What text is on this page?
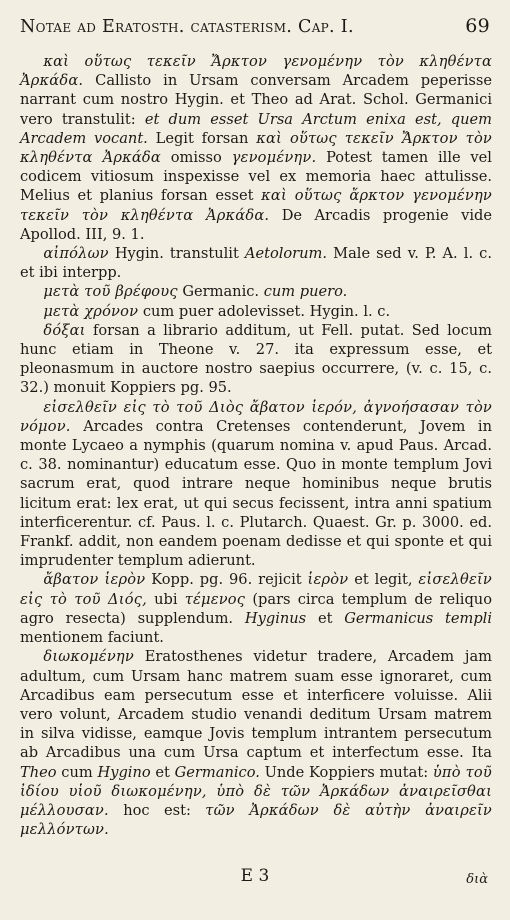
Notae ad Eratosth. catasterism. Cap. I.	69

καὶ οὕτως τεκεῖν Ἄρκτον γενομένην τὸν κληθέντα Ἀρκάδα. Callisto in Ursam conversam Arcadem peperisse narrant cum nostro Hygin. et Theo ad Arat. Schol. Germanici vero transtulit: et dum esset Ursa Arctum enixa est, quem Arcadem vocant. Legit forsan καὶ οὕτως τεκεῖν Ἄρκτον τὸν κληθέντα Ἀρκάδα omisso γενομένην. Potest tamen ille vel codicem vitiosum inspexisse vel ex memoria haec attulisse. Melius et planius forsan esset καὶ οὕτως ἄρκτον γενομένην τεκεῖν τὸν κληθέντα Ἀρκάδα. De Arcadis progenie vide Apollod. III, 9. 1.

αἰπόλων Hygin. transtulit Aetolorum. Male sed v. P. A. l. c. et ibi interpp.

μετὰ τοῦ βρέφους Germanic. cum puero.

μετὰ χρόνον cum puer adolevisset. Hygin. l. c.

δόξαι forsan a librario additum, ut Fell. putat. Sed locum hunc etiam in Theone v. 27. ita expressum esse, et pleonasmum in auctore nostro saepius occurrere, (v. c. 15, c. 32.) monuit Koppiers pg. 95.

εἰσελθεῖν εἰς τὸ τοῦ Διὸς ἄβατον ἱερόν, ἀγνοήσασαν τὸν νόμον. Arcades contra Cretenses contenderunt, Jovem in monte Lycaeo a nymphis (quarum nomina v. apud Paus. Arcad. c. 38. nominantur) educatum esse. Quo in monte templum Jovi sacrum erat, quod intrare neque hominibus neque brutis licitum erat: lex erat, ut qui secus fecissent, intra anni spatium interficerentur. cf. Paus. l. c. Plutarch. Quaest. Gr. p. 3000. ed. Frankf. addit, non eandem poenam dedisse et qui sponte et qui imprudenter templum adierunt.

ἄβατον ἱερὸν Kopp. pg. 96. rejicit ἱερὸν et legit, εἰσελθεῖν εἰς τὸ τοῦ Διός, ubi τέμενος (pars circa templum de reliquo agro resecta) supplendum. Hyginus et Germanicus templi mentionem faciunt.

διωκομένην Eratosthenes videtur tradere, Arcadem jam adultum, cum Ursam hanc matrem suam esse ignoraret, cum Arcadibus eam persecutum esse et interficere voluisse. Alii vero volunt, Arcadem studio venandi deditum Ursam matrem in silva vidisse, eamque Jovis templum intrantem persecutum ab Arcadibus una cum Ursa captum et interfectum esse. Ita Theo cum Hygino et Germanico. Unde Koppiers mutat: ὑπὸ τοῦ ἰδίου υἱοῦ διωκομένην, ὑπὸ δὲ τῶν Ἀρκάδων ἀναιρεῖσθαι μέλλουσαν. hoc est: τῶν Ἀρκάδων δὲ αὐτὴν ἀναιρεῖν μελλόντων.

E 3	διὰ
